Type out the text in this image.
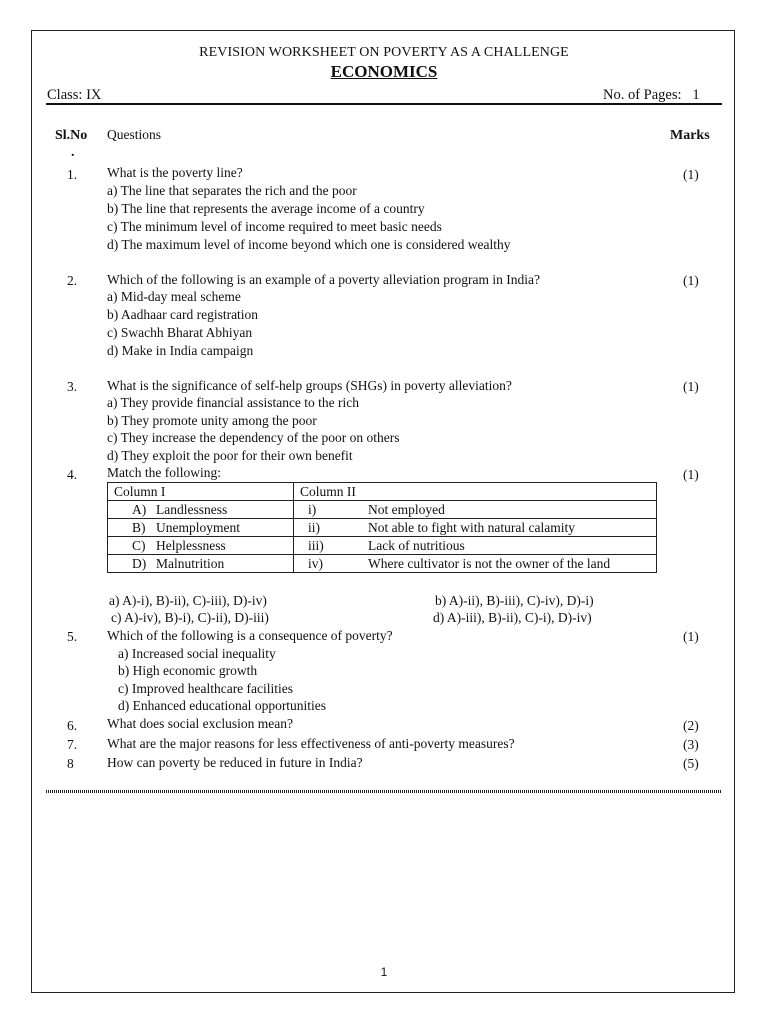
REVISION WORKSHEET ON POVERTY AS A CHALLENGE
ECONOMICS
Class: IX	No. of Pages: 1
Sl.No
.
Questions	Marks
1. What is the poverty line?	(1)
a) The line that separates the rich and the poor
b) The line that represents the average income of a country
c) The minimum level of income required to meet basic needs
d) The maximum level of income beyond which one is considered wealthy
2. Which of the following is an example of a poverty alleviation program in India?	(1)
a) Mid-day meal scheme
b) Aadhaar card registration
c) Swachh Bharat Abhiyan
d) Make in India campaign
3. What is the significance of self-help groups (SHGs) in poverty alleviation?	(1)
a) They provide financial assistance to the rich
b) They promote unity among the poor
c) They increase the dependency of the poor on others
d) They exploit the poor for their own benefit
4. Match the following:	(1)
Column I	Column II
A) Landlessness	i) Not employed
B) Unemployment	ii) Not able to fight with natural calamity
C) Helplessness	iii) Lack of nutritious
D) Malnutrition	iv) Where cultivator is not the owner of the land
a) A)-i), B)-ii), C)-iii), D)-iv)	b) A)-ii), B)-iii), C)-iv), D)-i)
c) A)-iv), B)-i), C)-ii), D)-iii)	d) A)-iii), B)-ii), C)-i), D)-iv)
5. Which of the following is a consequence of poverty?	(1)
a) Increased social inequality
b) High economic growth
c) Improved healthcare facilities
d) Enhanced educational opportunities
6. What does social exclusion mean?	(2)
7. What are the major reasons for less effectiveness of anti-poverty measures?	(3)
8 How can poverty be reduced in future in India?	(5)
1
